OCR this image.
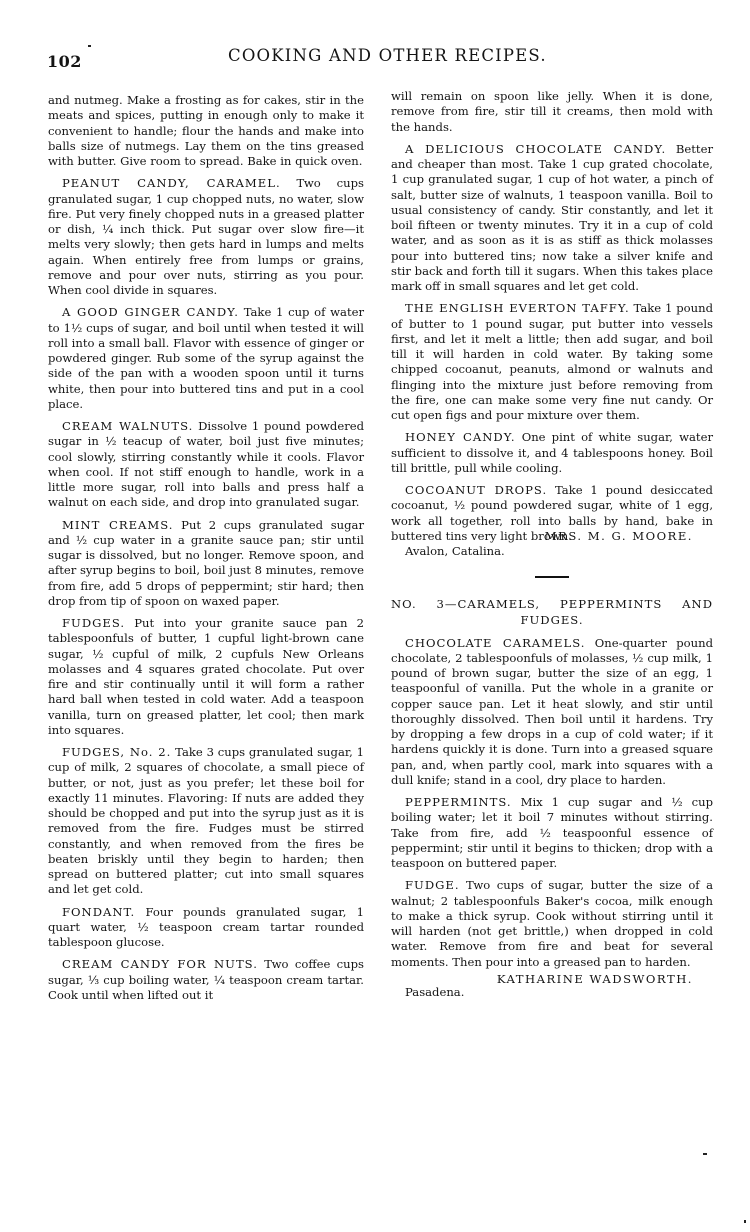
102	COOKING AND OTHER RECIPES.

and nutmeg. Make a frosting as for cakes, stir in the meats and spices, putting in enough only to make it convenient to handle; flour the hands and make into balls size of nutmegs. Lay them on the tins greased with butter. Give room to spread. Bake in quick oven.

PEANUT CANDY, CARAMEL. Two cups granulated sugar, 1 cup chopped nuts, no water, slow fire. Put very finely chopped nuts in a greased platter or dish, ¼ inch thick. Put sugar over slow fire—it melts very slowly; then gets hard in lumps and melts again. When entirely free from lumps or grains, remove and pour over nuts, stirring as you pour. When cool divide in squares.

A GOOD GINGER CANDY. Take 1 cup of water to 1½ cups of sugar, and boil until when tested it will roll into a small ball. Flavor with essence of ginger or powdered ginger. Rub some of the syrup against the side of the pan with a wooden spoon until it turns white, then pour into buttered tins and put in a cool place.

CREAM WALNUTS. Dissolve 1 pound powdered sugar in ½ teacup of water, boil just five minutes; cool slowly, stirring constantly while it cools. Flavor when cool. If not stiff enough to handle, work in a little more sugar, roll into balls and press half a walnut on each side, and drop into granulated sugar.

MINT CREAMS. Put 2 cups granulated sugar and ½ cup water in a granite sauce pan; stir until sugar is dissolved, but no longer. Remove spoon, and after syrup begins to boil, boil just 8 minutes, remove from fire, add 5 drops of peppermint; stir hard; then drop from tip of spoon on waxed paper.

FUDGES. Put into your granite sauce pan 2 tablespoonfuls of butter, 1 cupful light-brown cane sugar, ½ cupful of milk, 2 cupfuls New Orleans molasses and 4 squares grated chocolate. Put over fire and stir continually until it will form a rather hard ball when tested in cold water. Add a teaspoon vanilla, turn on greased platter, let cool; then mark into squares.

FUDGES, No. 2. Take 3 cups granulated sugar, 1 cup of milk, 2 squares of chocolate, a small piece of butter, or not, just as you prefer; let these boil for exactly 11 minutes. Flavoring: If nuts are added they should be chopped and put into the syrup just as it is removed from the fire. Fudges must be stirred constantly, and when removed from the fires be beaten briskly until they begin to harden; then spread on buttered platter; cut into small squares and let get cold.

FONDANT. Four pounds granulated sugar, 1 quart water, ½ teaspoon cream tartar rounded tablespoon glucose.

CREAM CANDY FOR NUTS. Two coffee cups sugar, ⅓ cup boiling water, ¼ teaspoon cream tartar. Cook until when lifted out it

will remain on spoon like jelly. When it is done, remove from fire, stir till it creams, then mold with the hands.

A DELICIOUS CHOCOLATE CANDY. Better and cheaper than most. Take 1 cup grated chocolate, 1 cup granulated sugar, 1 cup of hot water, a pinch of salt, butter size of walnuts, 1 teaspoon vanilla. Boil to usual consistency of candy. Stir constantly, and let it boil fifteen or twenty minutes. Try it in a cup of cold water, and as soon as it is as stiff as thick molasses pour into buttered tins; now take a silver knife and stir back and forth till it sugars. When this takes place mark off in small squares and let get cold.

THE ENGLISH EVERTON TAFFY. Take 1 pound of butter to 1 pound sugar, put butter into vessels first, and let it melt a little; then add sugar, and boil till it will harden in cold water. By taking some chipped cocoanut, peanuts, almond or walnuts and flinging into the mixture just before removing from the fire, one can make some very fine nut candy. Or cut open figs and pour mixture over them.

HONEY CANDY. One pint of white sugar, water sufficient to dissolve it, and 4 tablespoons honey. Boil till brittle, pull while cooling.

COCOANUT DROPS. Take 1 pound desiccated cocoanut, ½ pound powdered sugar, white of 1 egg, work all together, roll into balls by hand, bake in buttered tins very light brown.

MRS. M. G. MOORE.

Avalon, Catalina.

NO. 3—CARAMELS, PEPPERMINTS AND
FUDGES.

CHOCOLATE CARAMELS. One-quarter pound chocolate, 2 tablespoonfuls of molasses, ½ cup milk, 1 pound of brown sugar, butter the size of an egg, 1 teaspoonful of vanilla. Put the whole in a granite or copper sauce pan. Let it heat slowly, and stir until thoroughly dissolved. Then boil until it hardens. Try by dropping a few drops in a cup of cold water; if it hardens quickly it is done. Turn into a greased square pan, and, when partly cool, mark into squares with a dull knife; stand in a cool, dry place to harden.

PEPPERMINTS. Mix 1 cup sugar and ½ cup boiling water; let it boil 7 minutes without stirring. Take from fire, add ½ teaspoonful essence of peppermint; stir until it begins to thicken; drop with a teaspoon on buttered paper.

FUDGE. Two cups of sugar, butter the size of a walnut; 2 tablespoonfuls Baker's cocoa, milk enough to make a thick syrup. Cook without stirring until it will harden (not get brittle,) when dropped in cold water. Remove from fire and beat for several moments. Then pour into a greased pan to harden.

KATHARINE WADSWORTH.

Pasadena.
